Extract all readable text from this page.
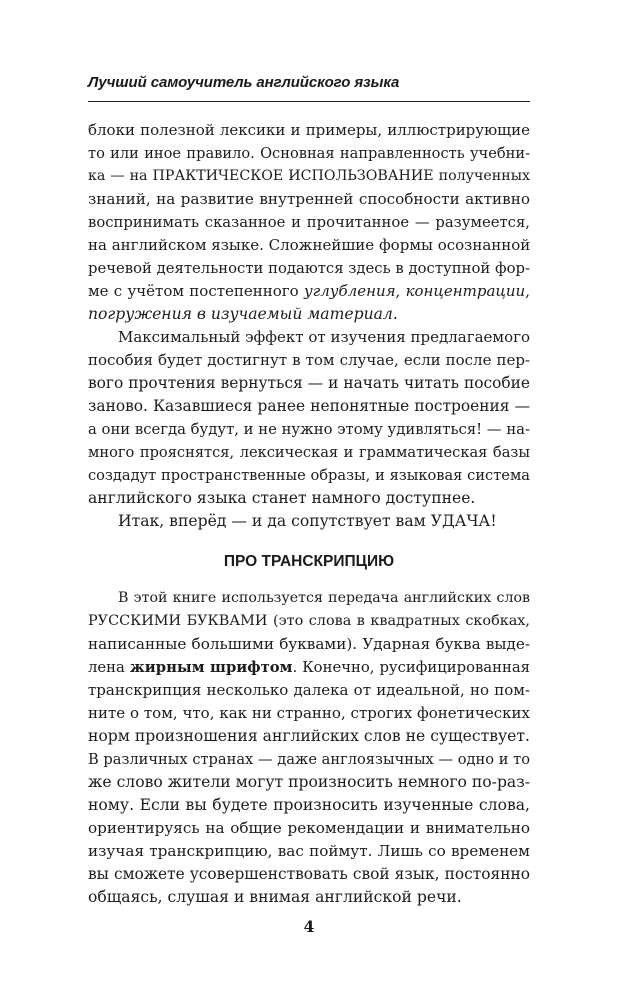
Лучший самоучитель английского языка
блоки полезной лексики и примеры, иллюстрирующие
то или иное правило. Основная направленность учебни-
ка — на ПРАКТИЧЕСКОЕ ИСПОЛЬЗОВАНИЕ полученных
знаний, на развитие внутренней способности активно
воспринимать сказанное и прочитанное — разумеется,
на английском языке. Сложнейшие формы осознанной
речевой деятельности подаются здесь в доступной фор-
ме с учётом постепенного углубления, концентрации,
погружения в изучаемый материал.
Максимальный эффект от изучения предлагаемого
пособия будет достигнут в том случае, если после пер-
вого прочтения вернуться — и начать читать пособие
заново. Казавшиеся ранее непонятные построения —
а они всегда будут, и не нужно этому удивляться! — на-
много прояснятся, лексическая и грамматическая базы
создадут пространственные образы, и языковая система
английского языка станет намного доступнее.
Итак, вперёд — и да сопутствует вам УДАЧА!
ПРО ТРАНСКРИПЦИЮ
В этой книге используется передача английских слов
РУССКИМИ БУКВАМИ (это слова в квадратных скобках,
написанные большими буквами). Ударная буква выде-
лена жирным шрифтом. Конечно, русифицированная
транскрипция несколько далека от идеальной, но пом-
ните о том, что, как ни странно, строгих фонетических
норм произношения английских слов не существует.
В различных странах — даже англоязычных — одно и то
же слово жители могут произносить немного по-раз-
ному. Если вы будете произносить изученные слова,
ориентируясь на общие рекомендации и внимательно
изучая транскрипцию, вас поймут. Лишь со временем
вы сможете усовершенствовать свой язык, постоянно
общаясь, слушая и внимая английской речи.
4
